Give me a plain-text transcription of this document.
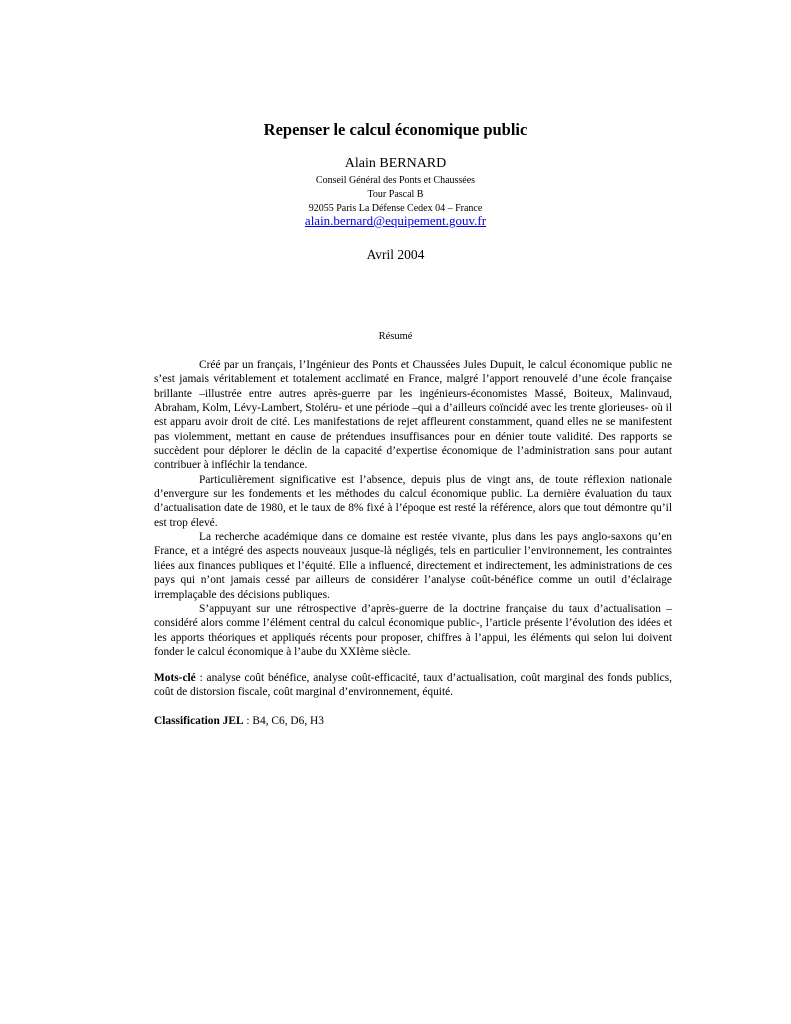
Repenser le calcul économique public
Alain BERNARD
Conseil Général des Ponts et Chaussées
Tour Pascal B
92055 Paris La Défense Cedex 04 – France
alain.bernard@equipement.gouv.fr
Avril 2004
Résumé

Créé par un français, l’Ingénieur des Ponts et Chaussées Jules Dupuit, le calcul économique public ne s’est jamais véritablement et totalement acclimaté en France, malgré l’apport renouvelé d’une école française brillante –illustrée entre autres après-guerre par les ingénieurs-économistes Massé, Boiteux, Malinvaud, Abraham, Kolm, Lévy-Lambert, Stoléru- et une période –qui a d’ailleurs coïncidé avec les trente glorieuses- où il est apparu avoir droit de cité. Les manifestations de rejet affleurent constamment, quand elles ne se manifestent pas violemment, mettant en cause de prétendues insuffisances pour en dénier toute validité. Des rapports se succèdent pour déplorer le déclin de la capacité d’expertise économique de l’administration sans pour autant contribuer à infléchir la tendance.

Particulièrement significative est l’absence, depuis plus de vingt ans, de toute réflexion nationale d’envergure sur les fondements et les méthodes du calcul économique public. La dernière évaluation du taux d’actualisation date de 1980, et le taux de 8% fixé à l’époque est resté la référence, alors que tout démontre qu’il est trop élevé.

La recherche académique dans ce domaine est restée vivante, plus dans les pays anglo-saxons qu’en France, et a intégré des aspects nouveaux jusque-là négligés, tels en particulier l’environnement, les contraintes liées aux finances publiques et l’équité. Elle a influencé, directement et indirectement, les administrations de ces pays qui n’ont jamais cessé par ailleurs de considérer l’analyse coût-bénéfice comme un outil d’éclairage irremplaçable des décisions publiques.

S’appuyant sur une rétrospective d’après-guerre de la doctrine française du taux d’actualisation –considéré alors comme l’élément central du calcul économique public-, l’article présente l’évolution des idées et les apports théoriques et appliqués récents pour proposer, chiffres à l’appui, les éléments qui selon lui doivent fonder le calcul économique à l’aube du XXIème siècle.

Mots-clé : analyse coût bénéfice, analyse coût-efficacité, taux d’actualisation, coût marginal des fonds publics, coût de distorsion fiscale, coût marginal d’environnement, équité.

Classification JEL : B4, C6, D6, H3
